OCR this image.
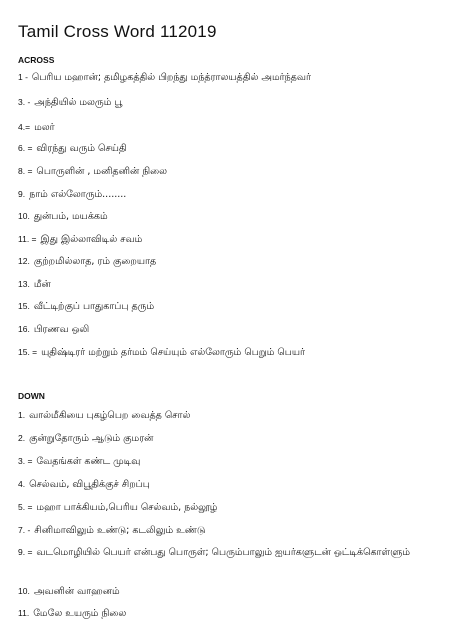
Tamil Cross Word 112019
ACROSS
1 - பெரிய மஹான்; தமிழகத்தில் பிறந்து மந்த்ராலயத்தில் அமர்ந்தவர்
3. - அந்தியில் மலரும் பூ
4.= மலர்
6. = விரந்து வரும் செய்தி
8. = பொருளின் , மனிதனின் நிலை
9. நாம் எல்லோரும்........
10. துன்பம், மயக்கம்
11. = இது இல்லாவிடில் சவம்
12. குற்றமில்லாத, ரம் குறையாத
13. மீன்
15. வீட்டிற்குப் பாதுகாப்பு தரும்
16. பிரணவ ஒலி
15. = யுதிஷ்டிரர் மற்றும் தர்மம் செய்யும் எல்லோரும் பெறும் பெயர்
DOWN
1. வால்மீகியை புகழ்பெற வைத்த சொல்
2. குன்றுதோரும் ஆடும் குமரன்
3. = வேதங்கள் கண்ட முடிவு
4. செல்வம், விபூதிக்குச் சிறப்பு
5. = மஹா பாக்கியம்,பெரிய செல்வம், நல்லூழ்
7. - சினிமாவிலும் உண்டு; கடலிலும் உண்டு
9. = வடமொழியில் பெயர் என்பது பொருள்; பெரும்பாலும் ஐயர்களுடன் ஒட்டிக்கொள்ளும்
10. அவனின் வாஹனம்
11. மேலே உயரும் நிலை
